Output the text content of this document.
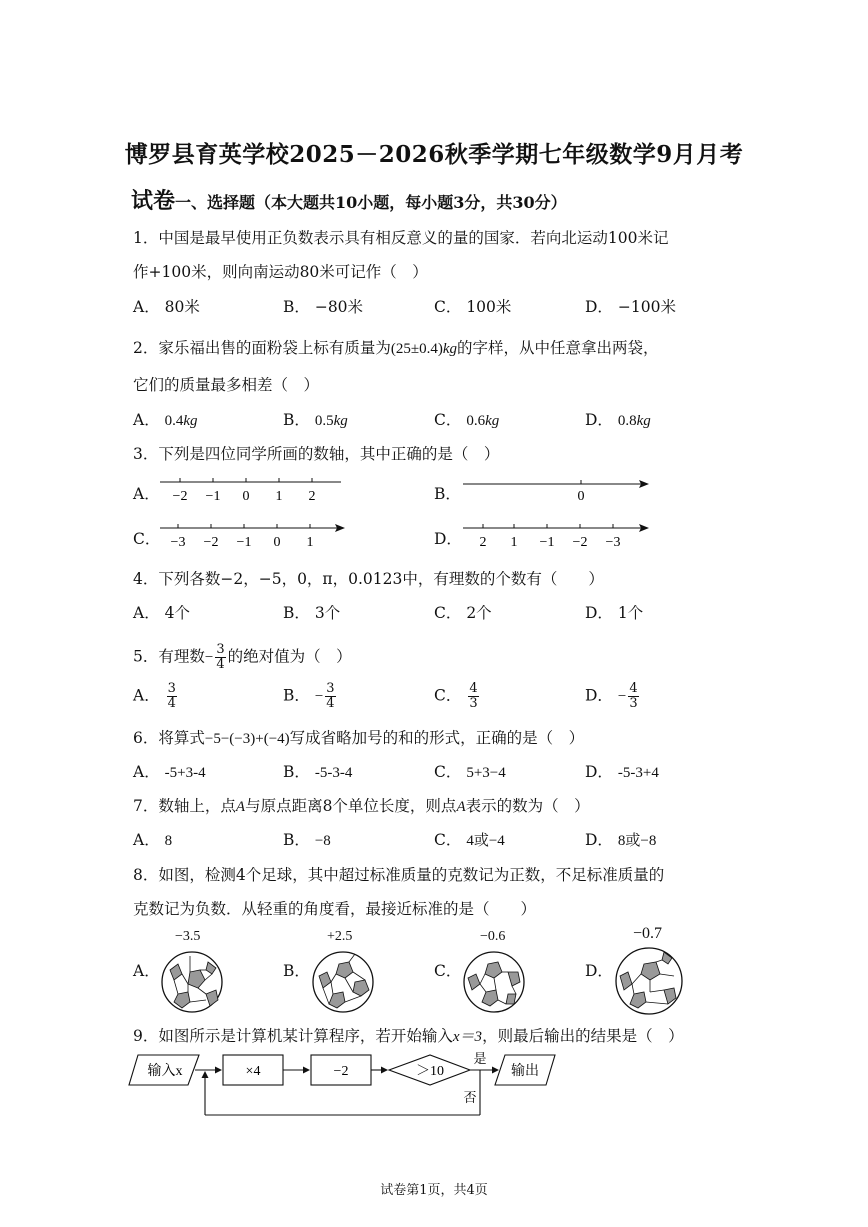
博罗县育英学校2025－2026秋季学期七年级数学9月月考
试卷一、选择题（本大题共10小题，每小题3分，共30分）
1．中国是最早使用正负数表示具有相反意义的量的国家．若向北运动100米记
作+100米，则向南运动80米可记作（　）
A． 80米	B． −80米	C． 100米	D． −100米
2．家乐福出售的面粉袋上标有质量为(25±0.4)kg的字样，从中任意拿出两袋，
它们的质量最多相差（　）
A． 0.4kg	B． 0.5kg	C． 0.6kg	D． 0.8kg
3．下列是四位同学所画的数轴，其中正确的是（　）
A．	B．
C．	D．
−2 −1 0 1 2	0
−3 −2 −1 0 1	2 1 −1 −2 −3
4．下列各数−2，−5，0，π，0.0123中，有理数的个数有（　　）
A． 4个	B． 3个	C． 2个	D． 1个
5．有理数− $\frac{3}{4}$ 的绝对值为（　）
A． $\frac{3}{4}$	B． − $\frac{3}{4}$	C． $\frac{4}{3}$	D． − $\frac{4}{3}$
6．将算式−5−(−3)+(−4)写成省略加号的和的形式，正确的是（　）
A． -5+3-4	B． -5-3-4	C． 5+3−4	D． -5-3+4
7．数轴上，点A与原点距离8个单位长度，则点A表示的数为（　）
A． 8	B． −8	C． 4或−4	D． 8或−8
8．如图，检测4个足球，其中超过标准质量的克数记为正数，不足标准质量的
克数记为负数．从轻重的角度看，最接近标准的是（　　）
A．	B．	C．	D．
−3.5	+2.5	−0.6	−0.7
9．如图所示是计算机某计算程序，若开始输入x＝3，则最后输出的结果是（　）
输入x	×4	−2	＞10
是
否
输出
试卷第1页，共4页
